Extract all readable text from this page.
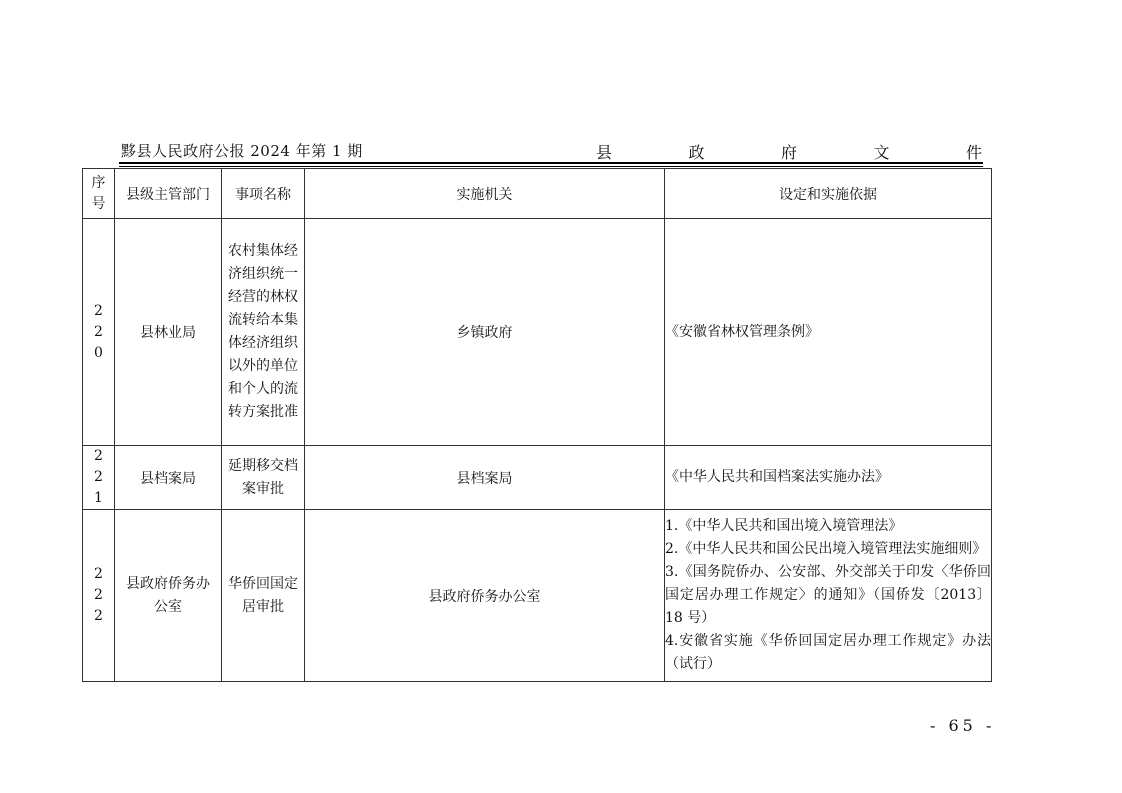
黟县人民政府公报 2024 年第 1 期	县	政	府	文	件
序号	县级主管部门	事项名称	实施机关	设定和实施依据

220	县林业局	农村集体经济组织统一经营的林权流转给本集体经济组织以外的单位和个人的流转方案批准	乡镇政府	《安徽省林权管理条例》

221	县档案局	延期移交档案审批	县档案局	《中华人民共和国档案法实施办法》

222	县政府侨务办公室	华侨回国定居审批	县政府侨务办公室	1.《中华人民共和国出境入境管理法》
2.《中华人民共和国公民出境入境管理法实施细则》
3.《国务院侨办、公安部、外交部关于印发〈华侨回国定居办理工作规定〉的通知》（国侨发〔2013〕18 号）
4.安徽省实施《华侨回国定居办理工作规定》办法（试行）
- 65 -
